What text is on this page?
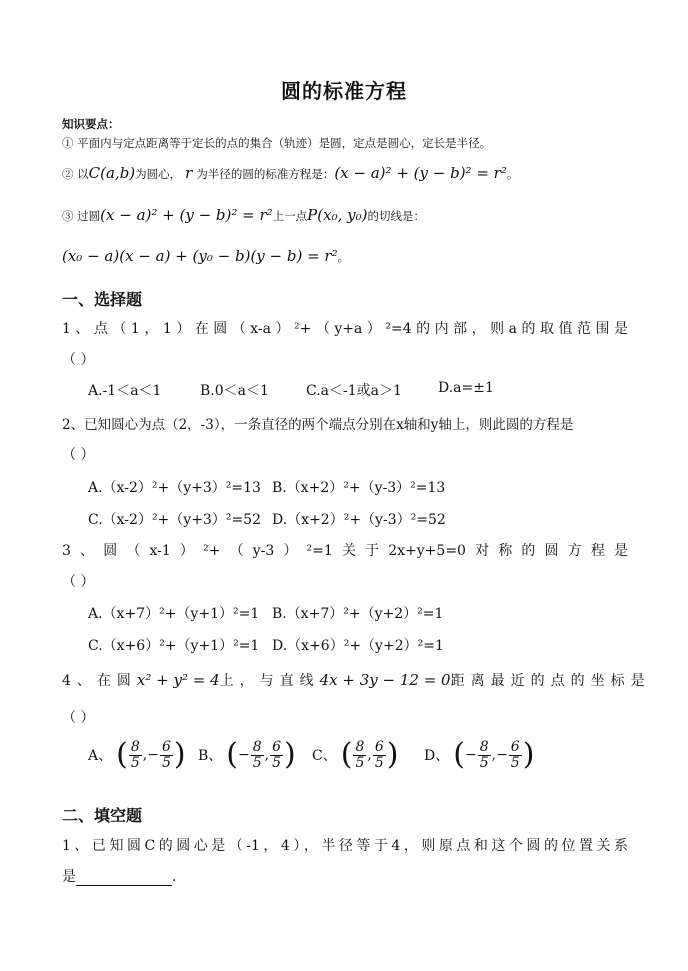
圆的标准方程
知识要点：
① 平面内与定点距离等于定长的点的集合（轨迹）是圆，定点是圆心，定长是半径。
② 以C(a,b)为圆心， r 为半径的圆的标准方程是：(x − a)² + (y − b)² = r²。
③ 过圆(x − a)² + (y − b)² = r²上一点P(x₀, y₀)的切线是：
(x₀ − a)(x − a) + (y₀ − b)(y − b) = r²。
一、选择题
1、点（1，1）在圆（x-a）²+（y+a）²=4的内部，则a的取值范围是
（ ）
A.-1＜a＜1	B.0＜a＜1	C.a＜-1或a＞1	D.a=±1
2、已知圆心为点（2，-3），一条直径的两个端点分别在x轴和y轴上，则此圆的方程是
（ ）
A.（x-2）²+（y+3）²=13 B.（x+2）²+（y-3）²=13
C.（x-2）²+（y+3）²=52 D.（x+2）²+（y-3）²=52
3、圆（x-1）²+（y-3）²=1关于2x+y+5=0对称的圆方程是
（ ）
A.（x+7）²+（y+1）²=1 B.（x+7）²+（y+2）²=1
C.（x+6）²+（y+1）²=1 D.（x+6）²+（y+2）²=1
4、在圆 x² + y² = 4 上，与直线 4x + 3y − 12 = 0 距离最近的点的坐标是
（ ）
A、 ( $\frac{8}{5}$ , − $\frac{6}{5}$ ) B、 ( − $\frac{8}{5}$ , $\frac{6}{5}$ ) C、 ( $\frac{8}{5}$ , $\frac{6}{5}$ ) D、 ( − $\frac{8}{5}$ , − $\frac{6}{5}$ )
二、填空题
1、已知圆C的圆心是（-1，4），半径等于4，则原点和这个圆的位置关系
是	.
